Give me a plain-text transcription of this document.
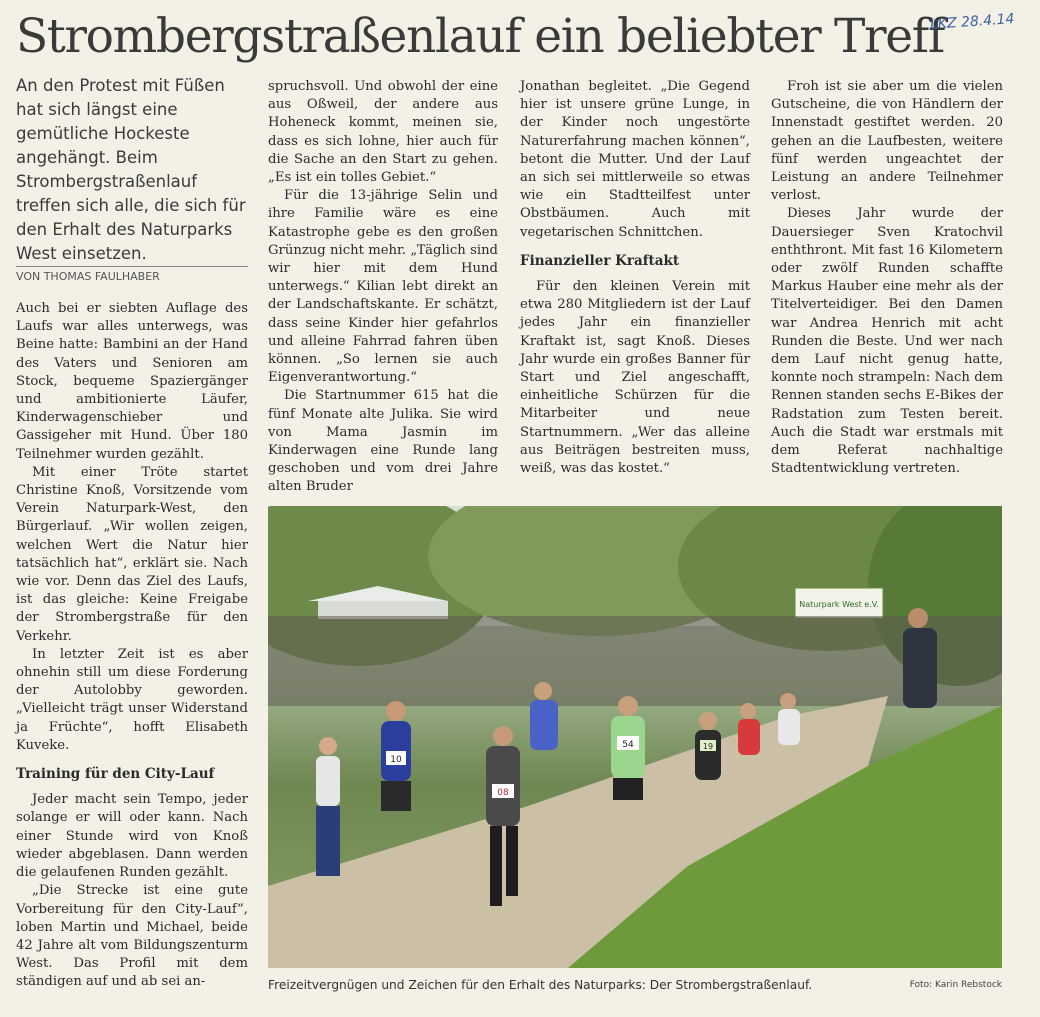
Strombergstraßenlauf ein beliebter Treff
LKZ 28.4.14

An den Protest mit Füßen hat sich längst eine gemütliche Hockeste angehängt. Beim Strombergstraßenlauf treffen sich alle, die sich für den Erhalt des Naturparks West einsetzen.

VON THOMAS FAULHABER

Auch bei er siebten Auflage des Laufs war alles unterwegs, was Beine hatte: Bambini an der Hand des Vaters und Senioren am Stock, bequeme Spaziergänger und ambitionierte Läufer, Kinderwagenschieber und Gassigeher mit Hund. Über 180 Teilnehmer wurden gezählt.

Mit einer Tröte startet Christine Knoß, Vorsitzende vom Verein Naturpark-West, den Bürgerlauf. „Wir wollen zeigen, welchen Wert die Natur hier tatsächlich hat“, erklärt sie. Nach wie vor. Denn das Ziel des Laufs, ist das gleiche: Keine Freigabe der Strombergstraße für den Verkehr.

In letzter Zeit ist es aber ohnehin still um diese Forderung der Autolobby geworden. „Vielleicht trägt unser Widerstand ja Früchte“, hofft Elisabeth Kuveke.

Training für den City-Lauf

Jeder macht sein Tempo, jeder solange er will oder kann. Nach einer Stunde wird von Knoß wieder abgeblasen. Dann werden die gelaufenen Runden gezählt.

„Die Strecke ist eine gute Vorbereitung für den City-Lauf“, loben Martin und Michael, beide 42 Jahre alt vom Bildungszenturm West. Das Profil mit dem ständigen auf und ab sei an-

spruchsvoll. Und obwohl der eine aus Oßweil, der andere aus Hoheneck kommt, meinen sie, dass es sich lohne, hier auch für die Sache an den Start zu gehen. „Es ist ein tolles Gebiet.“

Für die 13-jährige Selin und ihre Familie wäre es eine Katastrophe gebe es den großen Grünzug nicht mehr. „Täglich sind wir hier mit dem Hund unterwegs.“ Kilian lebt direkt an der Landschaftskante. Er schätzt, dass seine Kinder hier gefahrlos und alleine Fahrrad fahren üben können. „So lernen sie auch Eigenverantwortung.“

Die Startnummer 615 hat die fünf Monate alte Julika. Sie wird von Mama Jasmin im Kinderwagen eine Runde lang geschoben und vom drei Jahre alten Bruder

Jonathan begleitet. „Die Gegend hier ist unsere grüne Lunge, in der Kinder noch ungestörte Naturerfahrung machen können“, betont die Mutter. Und der Lauf an sich sei mittlerweile so etwas wie ein Stadtteilfest unter Obstbäumen. Auch mit vegetarischen Schnittchen.

Finanzieller Kraftakt

Für den kleinen Verein mit etwa 280 Mitgliedern ist der Lauf jedes Jahr ein finanzieller Kraftakt ist, sagt Knoß. Dieses Jahr wurde ein großes Banner für Start und Ziel angeschafft, einheitliche Schürzen für die Mitarbeiter und neue Startnummern. „Wer das alleine aus Beiträgen bestreiten muss, weiß, was das kostet.“

Froh ist sie aber um die vielen Gutscheine, die von Händlern der Innenstadt gestiftet werden. 20 gehen an die Laufbesten, weitere fünf werden ungeachtet der Leistung an andere Teilnehmer verlost.

Dieses Jahr wurde der Dauersieger Sven Kratochvil enththront. Mit fast 16 Kilometern oder zwölf Runden schaffte Markus Hauber eine mehr als der Titelverteidiger. Bei den Damen war Andrea Henrich mit acht Runden die Beste. Und wer nach dem Lauf nicht genug hatte, konnte noch strampeln: Nach dem Rennen standen sechs E-Bikes der Radstation zum Testen bereit. Auch die Stadt war erstmals mit dem Referat nachhaltige Stadtentwicklung vertreten.

Naturpark West e.V.
10
08
54	19
Freizeitvergnügen und Zeichen für den Erhalt des Naturparks: Der Strombergstraßenlauf.	Foto: Karin Rebstock
